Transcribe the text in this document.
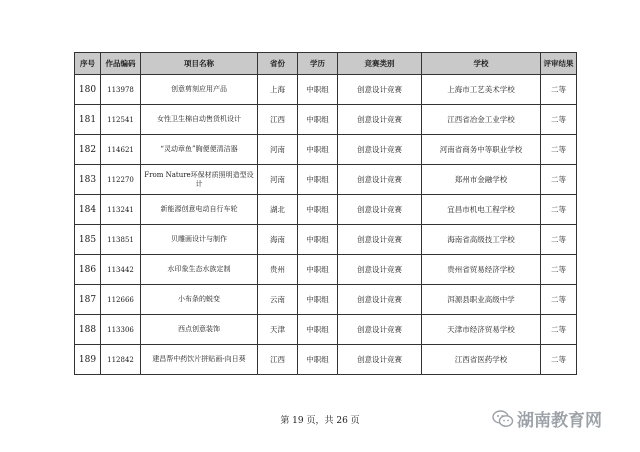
序号	作品编码	项目名称	省份	学历	竞赛类别	学校	评审结果
180	113978	创意剪刻应用产品	上海	中职组	创意设计竞赛	上海市工艺美术学校	二等
181	112541	女性卫生棉自动售货机设计	江西	中职组	创意设计竞赛	江西省冶金工业学校	二等
182	114621	“灵动章鱼”胸便便清洁器	河南	中职组	创意设计竞赛	河南省商务中等职业学校	二等
183	112270	From Nature环保材质照明造型设计	河南	中职组	创意设计竞赛	郑州市金融学校	二等
184	113241	新能源创意电动自行车轮	湖北	中职组	创意设计竞赛	宜昌市机电工程学校	二等
185	113851	贝雕画设计与制作	海南	中职组	创意设计竞赛	海南省高级技工学校	二等
186	113442	水印象生态水族定制	贵州	中职组	创意设计竞赛	贵州省贸易经济学校	二等
187	112666	小布条的蜕变	云南	中职组	创意设计竞赛	洱源县职业高级中学	二等
188	113306	西点创意装饰	天津	中职组	创意设计竞赛	天津市经济贸易学校	二等
189	112842	建昌帮中药饮片拼贴画-向日葵	江西	中职组	创意设计竞赛	江西省医药学校	二等
第 19 页，共 26 页	湖南教育网
